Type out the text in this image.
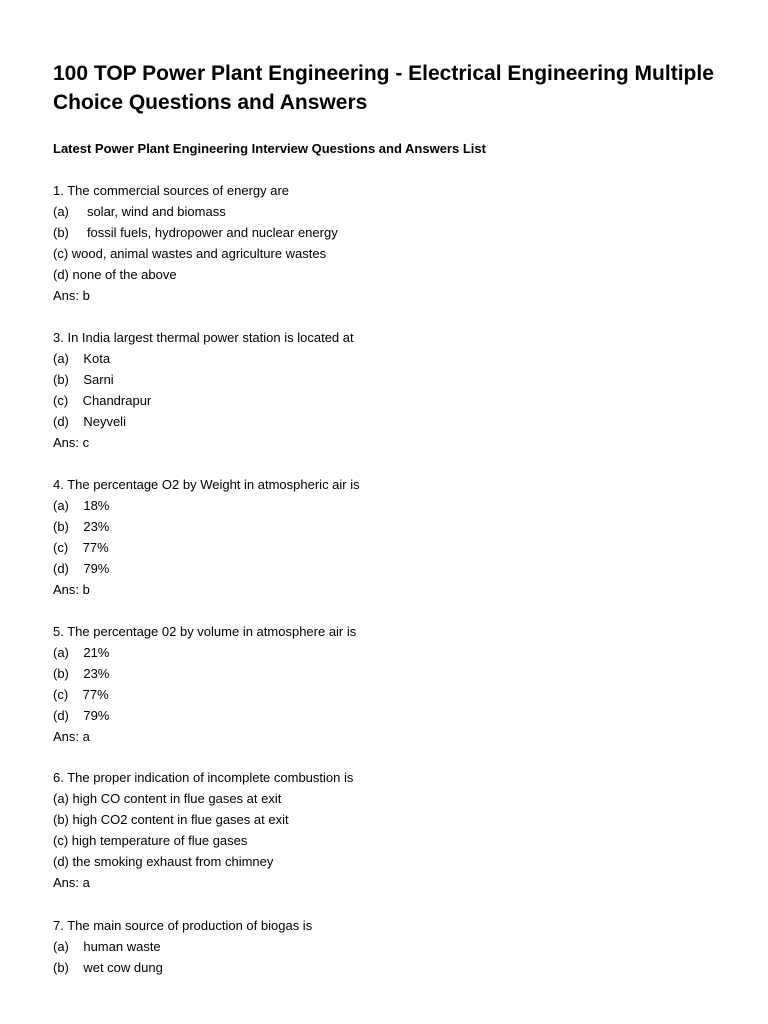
100 TOP Power Plant Engineering - Electrical Engineering Multiple Choice Questions and Answers

Latest Power Plant Engineering Interview Questions and Answers List

1. The commercial sources of energy are
(a)     solar, wind and biomass
(b)     fossil fuels, hydropower and nuclear energy
(c) wood, animal wastes and agriculture wastes
(d) none of the above
Ans: b
3. In India largest thermal power station is located at
(a)    Kota
(b)    Sarni
(c)    Chandrapur
(d)    Neyveli
Ans: c
4. The percentage O2 by Weight in atmospheric air is
(a)    18%
(b)    23%
(c)    77%
(d)    79%
Ans: b
5. The percentage 02 by volume in atmosphere air is
(a)    21%
(b)    23%
(c)    77%
(d)    79%
Ans: a
6. The proper indication of incomplete combustion is
(a) high CO content in flue gases at exit
(b) high CO2 content in flue gases at exit
(c) high temperature of flue gases
(d) the smoking exhaust from chimney
Ans: a
7. The main source of production of biogas is
(a)    human waste
(b)    wet cow dung
